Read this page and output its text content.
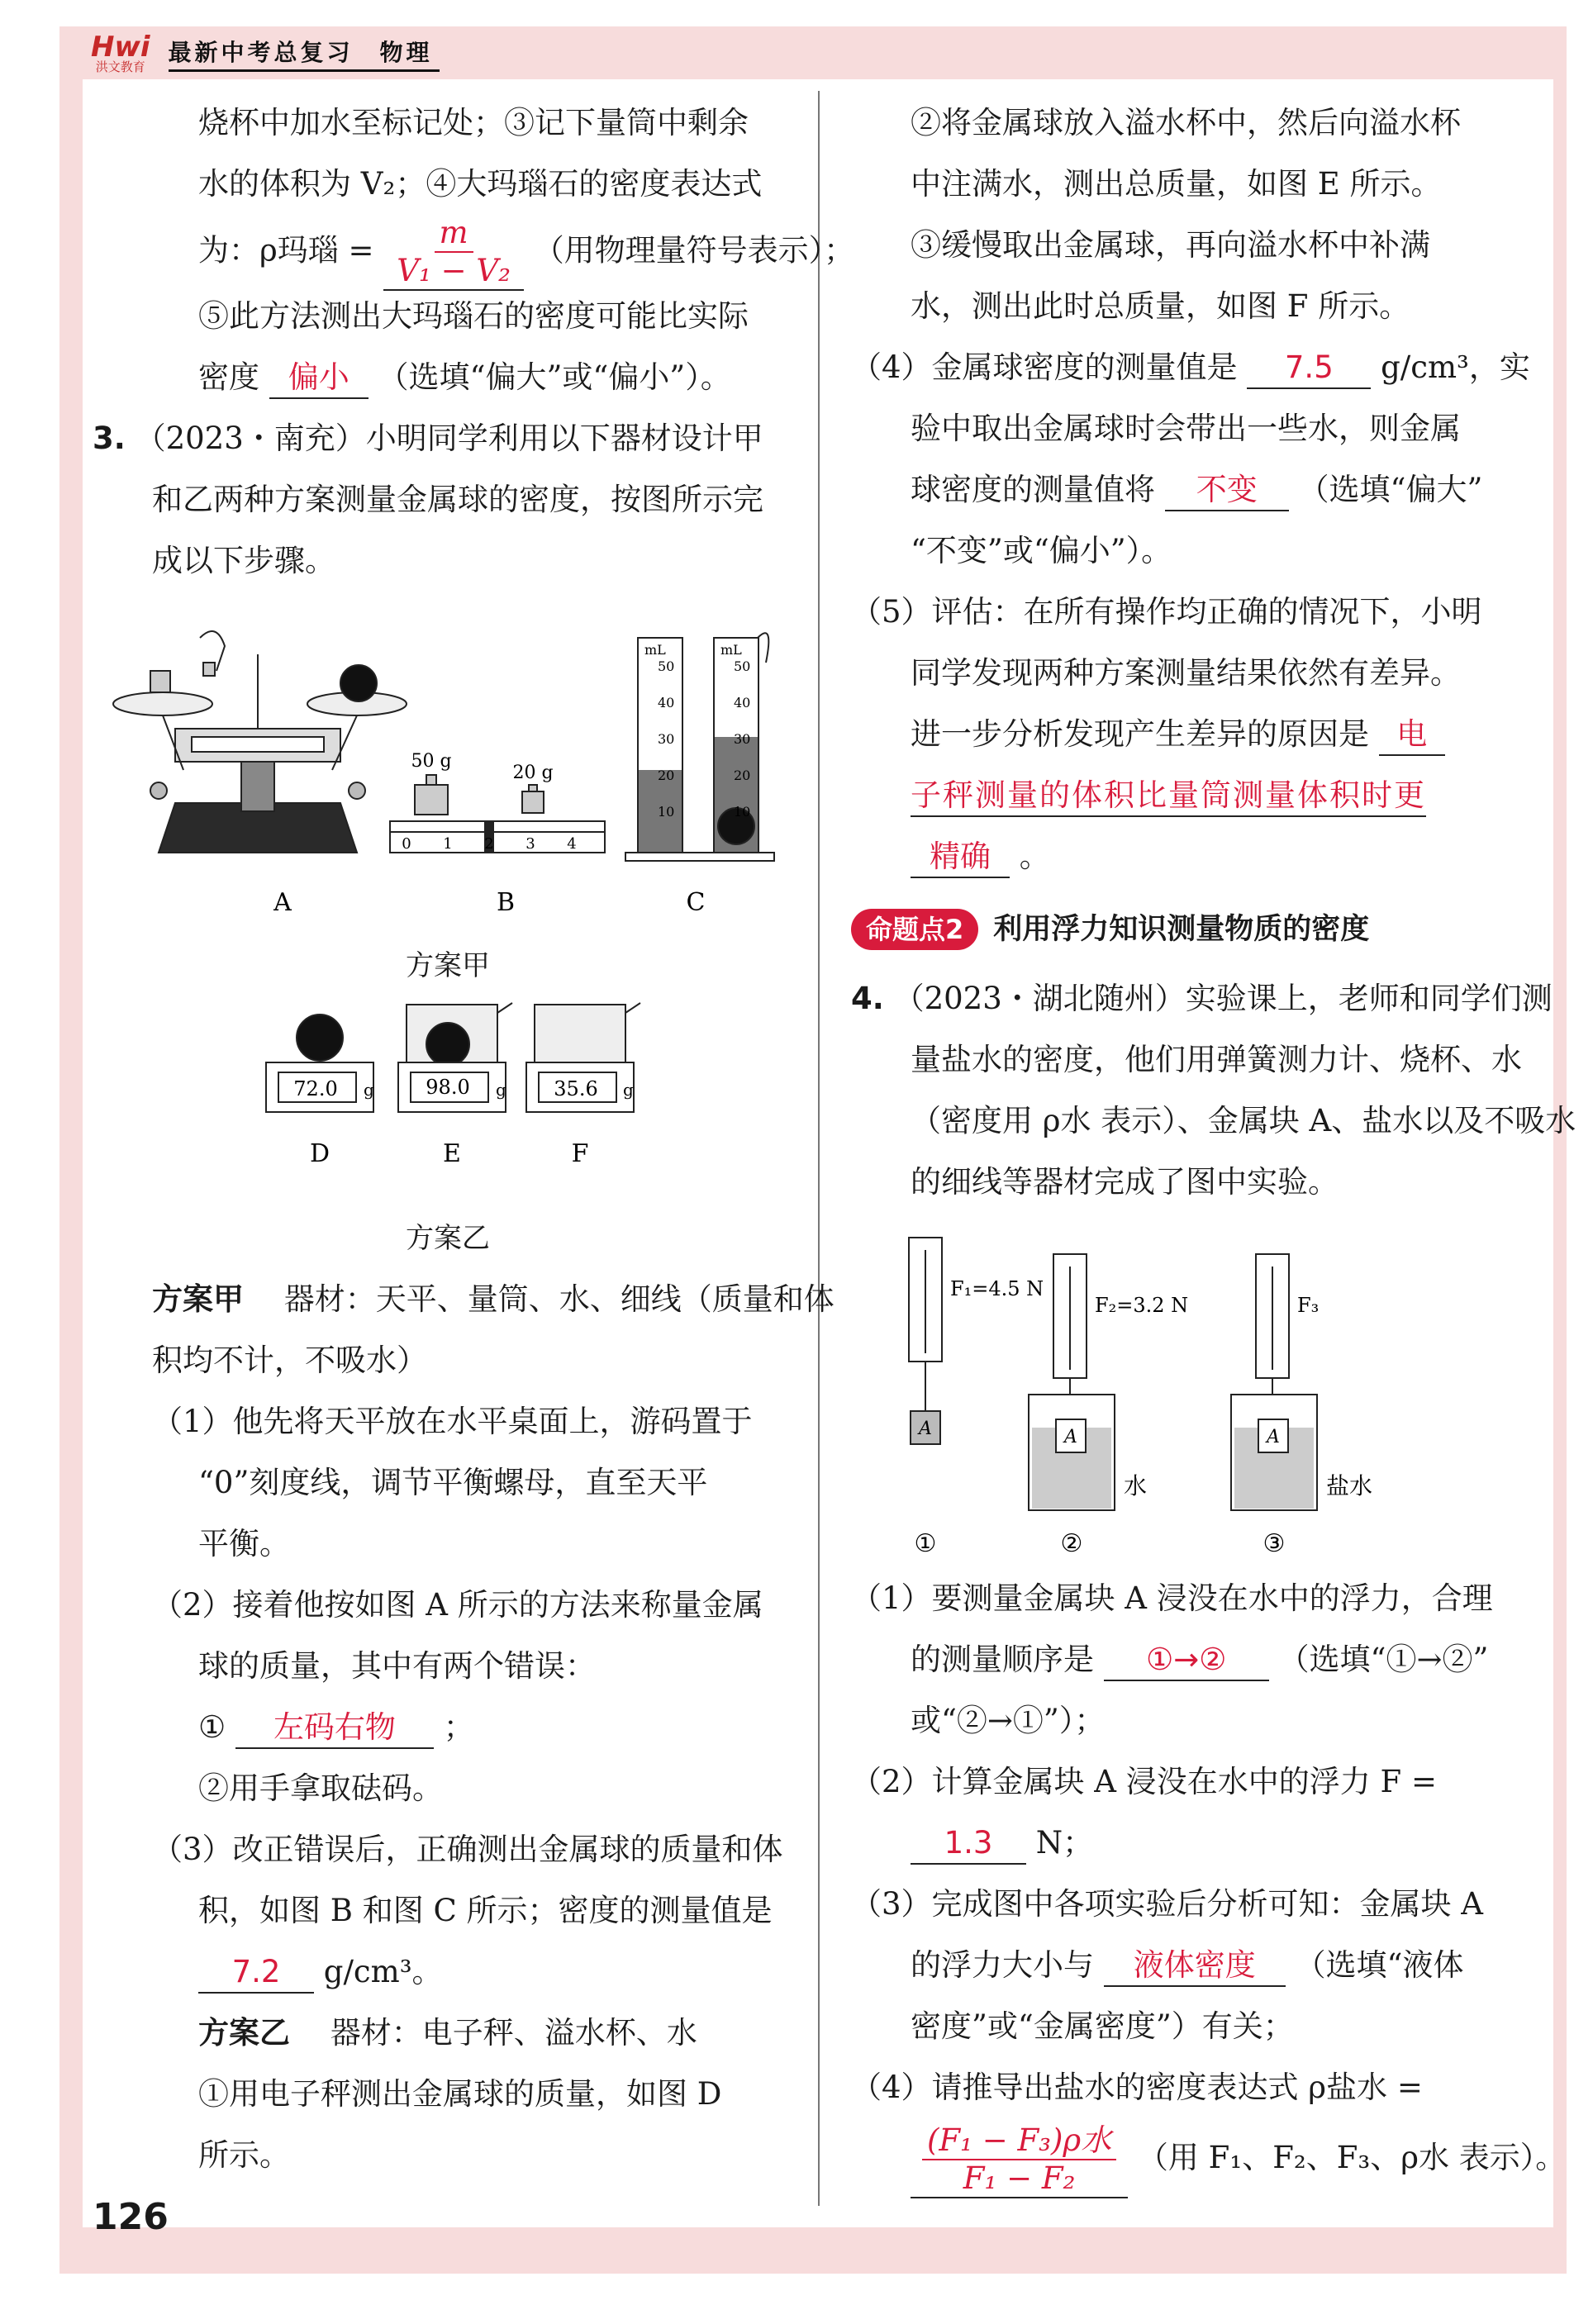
Hwi
洪文教育
最新中考总复习　物理

烧杯中加水至标记处；③记下量筒中剩余

水的体积为 V₂；④大玛瑙石的密度表达式

为：ρ玛瑙 = $\frac{m}{\text{V₁ − V₂}}$ （用物理量符号表示）；

⑤此方法测出大玛瑙石的密度可能比实际

密度 偏小 （选填“偏大”或“偏小”）。

3. （2023・南充）小明同学利用以下器材设计甲

和乙两种方案测量金属球的密度，按图所示完

成以下步骤。

50 g
20 g
0 1 2 3 4
mL	mL
50
40
30
20
10
50
40
30
20
10
A	B	C

方案甲

72.0	98.0	35.6
g	g	g
D	E	F

方案乙

方案甲 　器材：天平、量筒、水、细线（质量和体

积均不计，不吸水）

（1）他先将天平放在水平桌面上，游码置于

“0”刻度线，调节平衡螺母，直至天平

平衡。

（2）接着他按如图 A 所示的方法来称量金属

球的质量，其中有两个错误：

① 左码右物 ；

②用手拿取砝码。

（3）改正错误后，正确测出金属球的质量和体

积，如图 B 和图 C 所示；密度的测量值是

7.2 g/cm³。

方案乙 　器材：电子秤、溢水杯、水

①用电子秤测出金属球的质量，如图 D

所示。

②将金属球放入溢水杯中，然后向溢水杯

中注满水，测出总质量，如图 E 所示。

③缓慢取出金属球，再向溢水杯中补满

水，测出此时总质量，如图 F 所示。

（4）金属球密度的测量值是 7.5 g/cm³，实

验中取出金属球时会带出一些水，则金属

球密度的测量值将 不变 （选填“偏大”

“不变”或“偏小”）。

（5）评估：在所有操作均正确的情况下，小明

同学发现两种方案测量结果依然有差异。

进一步分析发现产生差异的原因是 电

子秤测量的体积比量筒测量体积时更

精确 。

命题点2	利用浮力知识测量物质的密度

4. （2023・湖北随州）实验课上，老师和同学们测

量盐水的密度，他们用弹簧测力计、烧杯、水

（密度用 ρ水 表示）、金属块 A、盐水以及不吸水

的细线等器材完成了图中实验。

A	A	A
F₁=4.5 N
F₂=3.2 N	F₃
水	盐水
①	②	③

（1）要测量金属块 A 浸没在水中的浮力，合理

的测量顺序是 ①→② （选填“①→②”

或“②→①”）；

（2）计算金属块 A 浸没在水中的浮力 F =

1.3 N；

（3）完成图中各项实验后分析可知：金属块 A

的浮力大小与 液体密度 （选填“液体

密度”或“金属密度”）有关；

（4）请推导出盐水的密度表达式 ρ盐水 =

$\frac{\text{(F₁ − F₃)ρ水}}{\text{F₁ − F₂}}$ （用 F₁、F₂、F₃、ρ水 表示）。

126
